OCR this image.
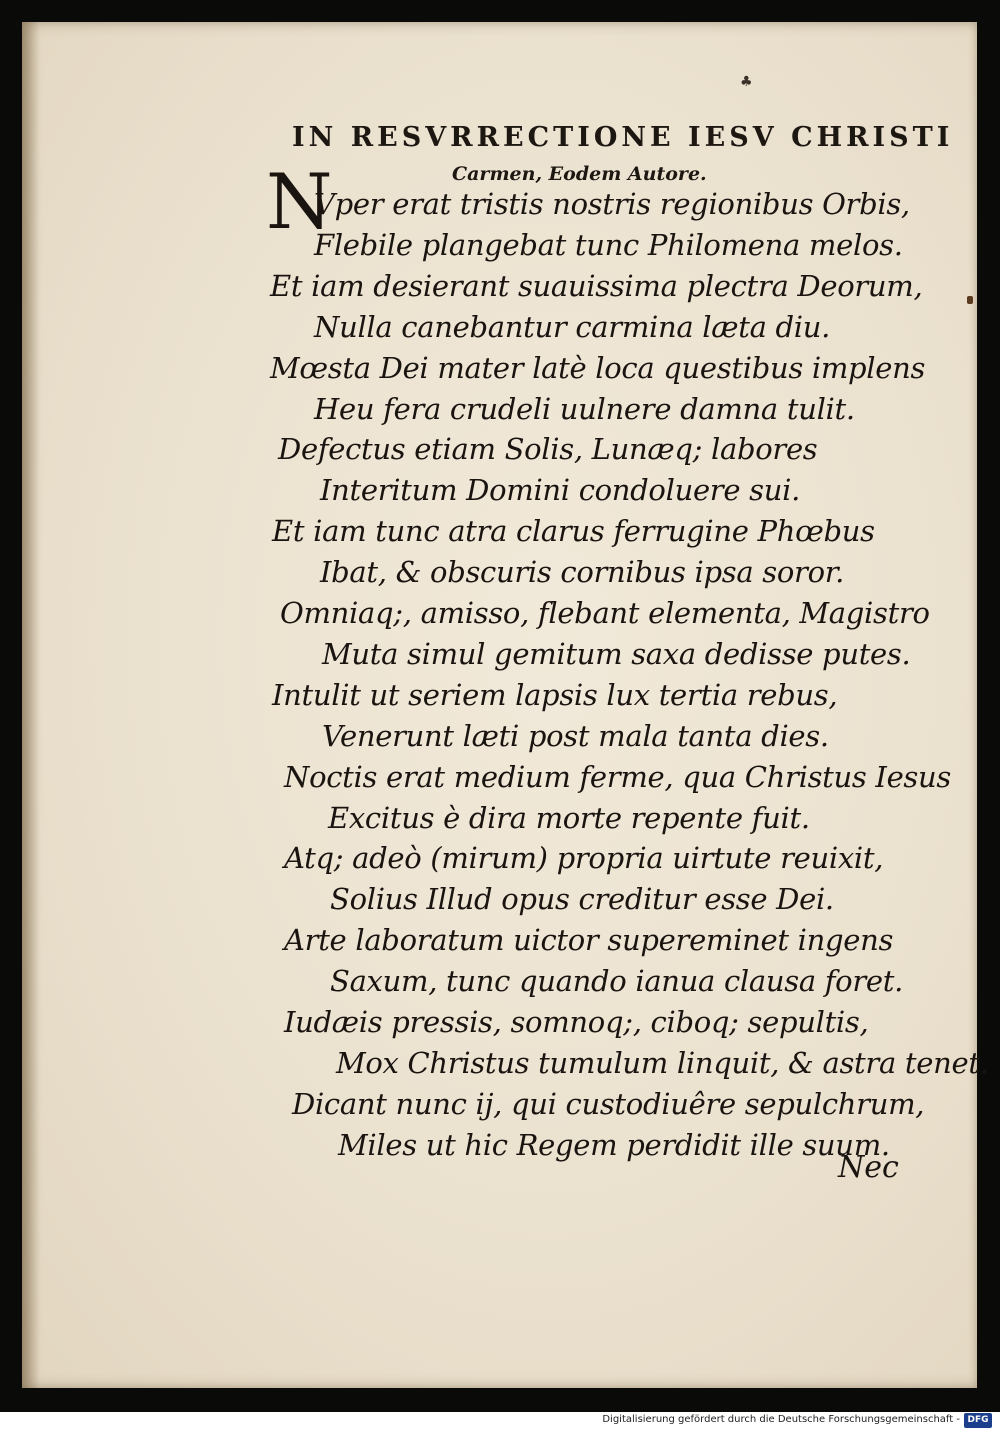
♣
IN RESVRRECTIONE IESV CHRISTI
Carmen, Eodem Autore.
N
Vper erat tristis nostris regionibus Orbis,
Flebile plangebat tunc Philomena melos.
Et iam desierant suauissima plectra Deorum,
Nulla canebantur carmina læta diu.
Mœsta Dei mater latè loca questibus implens
Heu fera crudeli uulnere damna tulit.
Defectus etiam Solis, Lunæq; labores
Interitum Domini condoluere sui.
Et iam tunc atra clarus ferrugine Phœbus
Ibat, & obscuris cornibus ipsa soror.
Omniaq;, amisso, flebant elementa, Magistro
Muta simul gemitum saxa dedisse putes.
Intulit ut seriem lapsis lux tertia rebus,
Venerunt læti post mala tanta dies.
Noctis erat medium ferme, qua Christus Iesus
Excitus è dira morte repente fuit.
Atq; adeò (mirum) propria uirtute reuixit,
Solius Illud opus creditur esse Dei.
Arte laboratum uictor supereminet ingens
Saxum, tunc quando ianua clausa foret.
Iudæis pressis, somnoq;, ciboq; sepultis,
Mox Christus tumulum linquit, & astra tenet.
Dicant nunc ij, qui custodiuêre sepulchrum,
Miles ut hic Regem perdidit ille suum.
Nec
Digitalisierung gefördert durch die Deutsche Forschungsgemeinschaft - DFG
